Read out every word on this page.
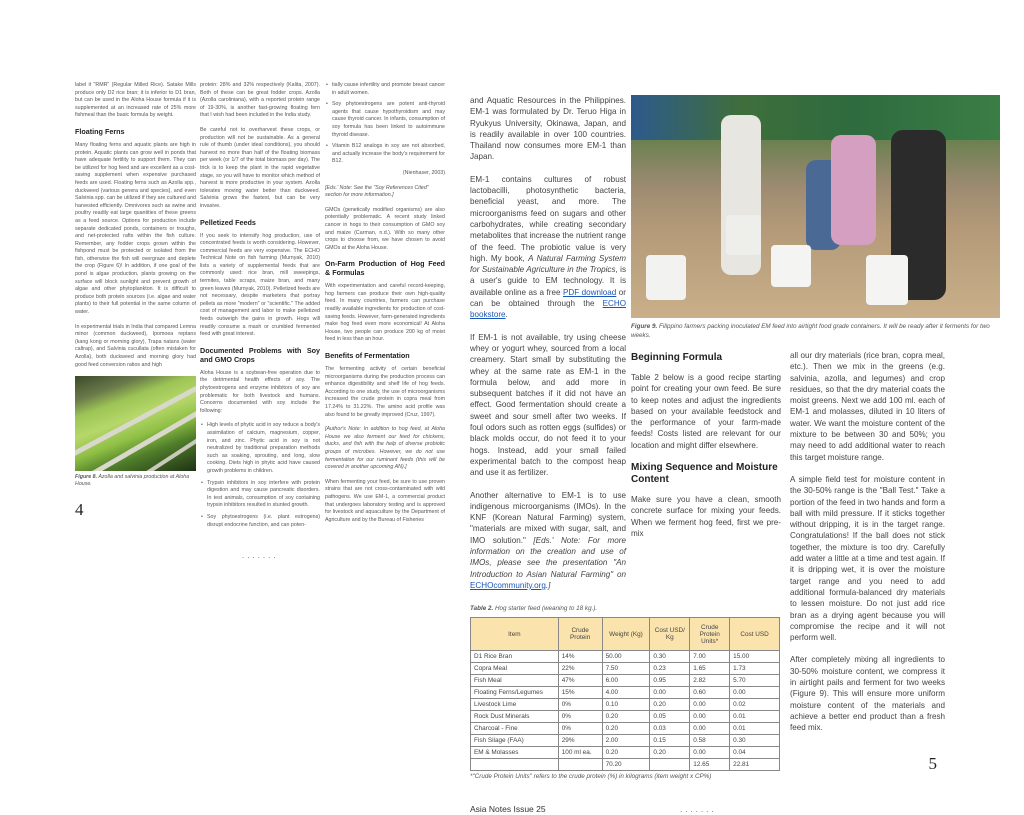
label it "RMR" (Regular Milled Rice). Satake Mills produce only D2 rice bran; it is inferior to D1 bran, but can be used in the Aloha House formula if it is supplemented at an increased rate of 25% more fishmeal than the basic formula by weight.

Floating Ferns

Many floating ferns and aquatic plants are high in protein. Aquatic plants can grow well in ponds that have adequate fertility to support them. They can be utilized for hog feed and are excellent as a cost-saving supplement when expensive purchased feeds are used. Floating ferns such as Azolla spp., duckweed (various genera and species), and even Salvinia spp. can be utilized if they are cultured and harvested efficiently. Omnivores such as swine and poultry readily eat large quantities of these greens as a feed source. Options for production include separate dedicated ponds, containers or troughs, and net-protected rafts within the fish culture. Remember, any fodder crops grown within the fishpond must be protected or isolated from the fish, otherwise the fish will overgraze and deplete the crop (Figure 6)! In addition, if one goal of the pond is algae production, plants growing on the surface will block sunlight and prevent growth of algae and other phytoplankton. It is difficult to produce both protein sources (i.e. algae and water plants) to their full potential in the same column of water.

In experimental trials in India that compared Lemna minor (common duckweed), Ipomoea reptans (kang kong or morning glory), Trapa natans (water caltrap), and Salvinia cucullata (often mistaken for Azolla), both duckweed and morning glory had good feed conversion ratios and high

Figure 8. Azolla and salvinia production at Aloha House.
4

protein: 28% and 32% respectively (Kalita, 2007). Both of these can be great fodder crops. Azolla (Azolla caroliniana), with a reported protein range of 19-30%, is another fast-growing floating fern that I wish had been included in the India study.

Be careful not to overharvest these crops, or production will not be sustainable. As a general rule of thumb (under ideal conditions), you should harvest no more than half of the floating biomass per week (or 1/7 of the total biomass per day). The trick is to keep the plant in the rapid vegetative stage, so you will have to monitor which method of harvest is more productive in your system. Azolla tolerates moving water better than duckweed. Salvinia grows the fastest, but can be very invasive.

Pelletized Feeds

If you seek to intensify hog production, use of concentrated feeds is worth considering. However, commercial feeds are very expensive. The ECHO Technical Note on fish farming (Murnyak, 2010) lists a variety of supplemental feeds that are commonly used: rice bran, mill sweepings, termites, table scraps, maize bran, and many green leaves (Murnyak, 2010). Pelletized feeds are not necessary, despite marketers that portray pellets as more "modern" or "scientific." The added cost of management and labor to make pelletized feeds outweigh the gains in growth. Hogs will readily consume a mash or crumbled fermented feed with great interest.

Documented Problems with Soy and GMO Crops

Aloha House is a soybean-free operation due to the detrimental health effects of soy. The phytoestrogens and enzyme inhibitors of soy are problematic for both livestock and humans. Concerns documented with soy include the following:

• High levels of phytic acid in soy reduce a body's assimilation of calcium, magnesium, copper, iron, and zinc. Phytic acid in soy is not neutralized by traditional preparation methods such as soaking, sprouting, and long, slow cooking. Diets high in phytic acid have caused growth problems in children.
• Trypsin inhibitors in soy interfere with protein digestion and may cause pancreatic disorders. In test animals, consumption of soy containing trypsin inhibitors resulted in stunted growth.
• Soy phytoestrogens (i.e. plant estrogens) disrupt endocrine function, and can poten-
.......
• tially cause infertility and promote breast cancer in adult women.
• Soy phytoestrogens are potent anti-thyroid agents that cause hypothyroidism and may cause thyroid cancer. In infants, consumption of soy formula has been linked to autoimmune thyroid disease.
• Vitamin B12 analogs in soy are not absorbed, and actually increase the body's requirement for B12.

(Nienhaser, 2003)

[Eds.' Note: See the "Soy References Cited" section for more information.]

GMOs (genetically modified organisms) are also potentially problematic. A recent study linked cancer in hogs to their consumption of GMO soy and maize (Carman, n.d.). With so many other crops to choose from, we have chosen to avoid GMOs at the Aloha House.

On-Farm Production of Hog Feed & Formulas

With experimentation and careful record-keeping, hog farmers can produce their own high-quality feed. In many countries, farmers can purchase readily available ingredients for production of cost-saving feeds. However, farm-generated ingredients make hog feed even more economical! At Aloha House, two people can produce 200 kg of moist feed in less than an hour.

Benefits of Fermentation

The fermenting activity of certain beneficial microorganisms during the production process can enhance digestibility and shelf life of hog feeds. According to one study, the use of microorganisms increased the crude protein in copra meal from 17.24% to 31.22%. The amino acid profile was also found to be greatly improved (Cruz, 1997).

[Author's Note: In addition to hog feed, at Aloha House we also ferment our feed for chickens, ducks, and fish with the help of diverse probiotic groups of microbes. However, we do not use fermentation for our ruminant feeds (this will be covered in another upcoming AN).]

When fermenting your feed, be sure to use proven strains that are not cross-contaminated with wild pathogens. We use EM-1, a commercial product that undergoes laboratory testing and is approved for livestock and aquaculture by the Department of Agriculture and by the Bureau of Fisheries

Figure 9. Filippino farmers packing inoculated EM feed into airtight food grade containers. It will be ready after it ferments for two weeks.

and Aquatic Resources in the Philippines. EM-1 was formulated by Dr. Teruo Higa in Ryukyus University, Okinawa, Japan, and is readily available in over 100 countries. Thailand now consumes more EM-1 than Japan.

EM-1 contains cultures of robust lactobacilli, photosynthetic bacteria, beneficial yeast, and more. The microorganisms feed on sugars and other carbohydrates, while creating secondary metabolites that increase the nutrient range of the feed. The probiotic value is very high. My book, A Natural Farming System for Sustainable Agriculture in the Tropics, is a user's guide to EM technology. It is available online as a free PDF download or can be obtained through the ECHO bookstore.

If EM-1 is not available, try using cheese whey or yogurt whey, sourced from a local creamery. Start small by substituting the whey at the same rate as EM-1 in the formula below, and add more in subsequent batches if it did not have an effect. Good fermentation should create a sweet and sour smell after two weeks. If foul odors such as rotten eggs (sulfides) or black molds occur, do not feed it to your hogs. Instead, add your small failed experimental batch to the compost heap and use it as fertilizer.

Another alternative to EM-1 is to use indigenous microorganisms (IMOs). In the KNF (Korean Natural Farming) system, "materials are mixed with sugar, salt, and IMO solution." [Eds.' Note: For more information on the creation and use of IMOs, please see the presentation "An Introduction to Asian Natural Farming" on ECHOcommunity.org.]

Beginning Formula

Table 2 below is a good recipe starting point for creating your own feed. Be sure to keep notes and adjust the ingredients based on your available feedstock and the performance of your farm-made feeds! Costs listed are relevant for our location and might differ elsewhere.

Mixing Sequence and Moisture Content

Make sure you have a clean, smooth concrete surface for mixing your feeds. When we ferment hog feed, first we pre-mix

Table 2. Hog starter feed (weaning to 18 kg.).
Item	Crude Protein	Weight (Kg)	Cost USD/ Kg	Crude Protein Units*	Cost USD
D1 Rice Bran	14%	50.00	0.30	7.00	15.00
Copra Meal	22%	7.50	0.23	1.65	1.73
Fish Meal	47%	6.00	0.95	2.82	5.70
Floating Ferns/Legumes	15%	4.00	0.00	0.60	0.00
Livestock Lime	0%	0.10	0.20	0.00	0.02
Rock Dust Minerals	0%	0.20	0.05	0.00	0.01
Charcoal - Fine	0%	0.20	0.03	0.00	0.01
Fish Silage (FAA)	29%	2.00	0.15	0.58	0.30
EM & Molasses	100 ml ea.	0.20	0.20	0.00	0.04
		70.20		12.65	22.81
*"Crude Protein Units" refers to the crude protein (%) in kilograms (item weight x CP%)
Asia Notes Issue 25	.......

all our dry materials (rice bran, copra meal, etc.). Then we mix in the greens (e.g. salvinia, azolla, and legumes) and crop residues, so that the dry material coats the moist greens. Next we add 100 ml. each of EM-1 and molasses, diluted in 10 liters of water. We want the moisture content of the mixture to be between 30 and 50%; you may need to add additional water to reach this target moisture range.

A simple field test for moisture content in the 30-50% range is the "Ball Test." Take a portion of the feed in two hands and form a ball with mild pressure. If it sticks together without dripping, it is in the target range. Congratulations! If the ball does not stick together, the mixture is too dry. Carefully add water a little at a time and test again. If it is dripping wet, it is over the moisture target range and you need to add additional formula-balanced dry materials to lessen moisture. Do not just add rice bran as a drying agent because you will compromise the recipe and it will not perform well.

After completely mixing all ingredients to 30-50% moisture content, we compress it in airtight pails and ferment for two weeks (Figure 9). This will ensure more uniform moisture content of the materials and achieve a better end product than a fresh feed mix.

5
